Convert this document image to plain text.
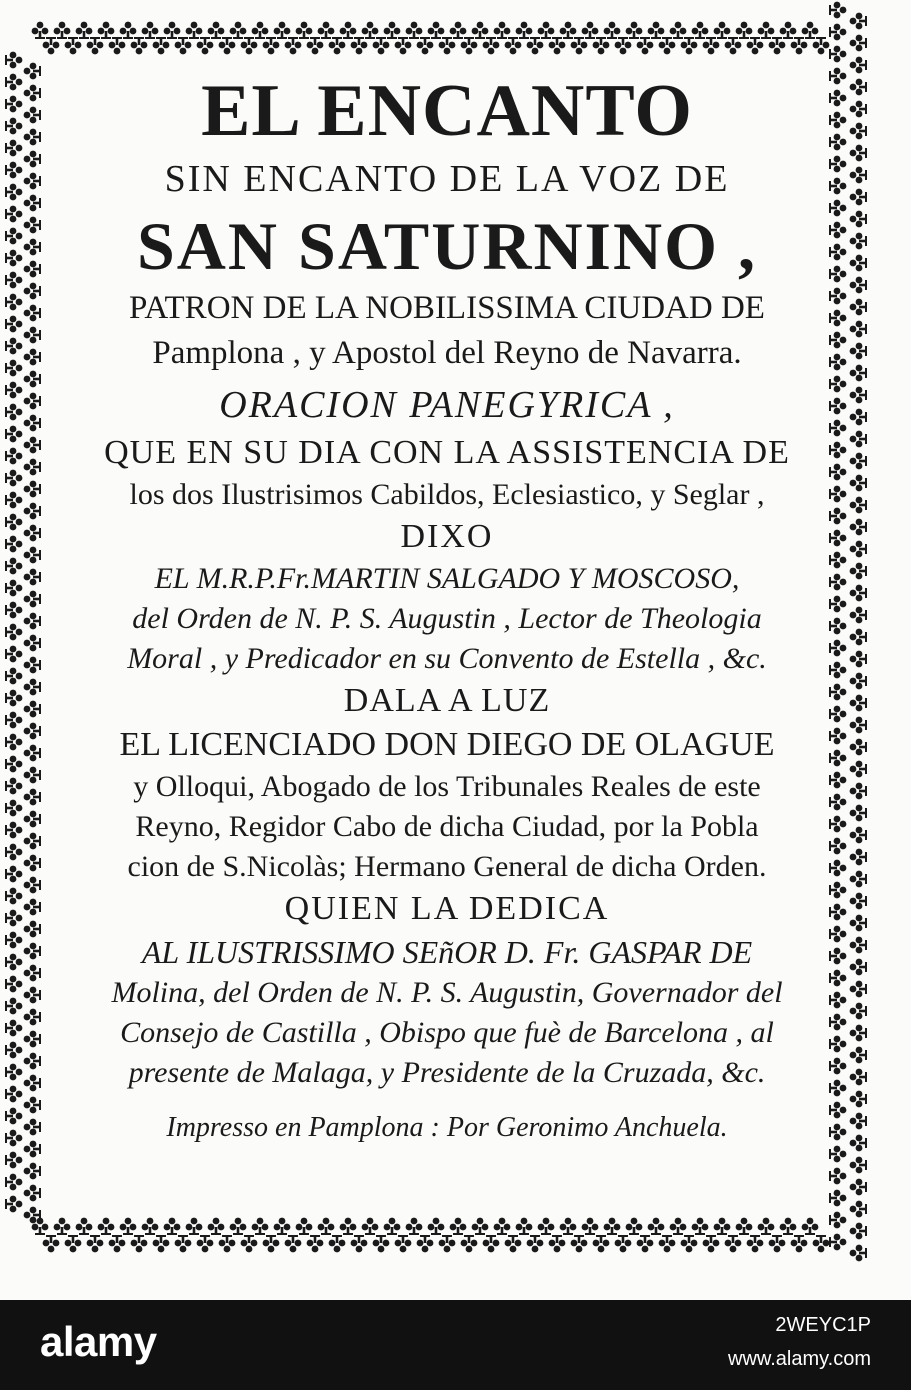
EL ENCANTO
SIN ENCANTO DE LA VOZ DE
SAN SATURNINO ,
PATRON DE LA NOBILISSIMA CIUDAD DE
Pamplona , y Apostol del Reyno de Navarra.
ORACION PANEGYRICA ,
QUE EN SU DIA CON LA ASSISTENCIA DE
los dos Ilustrisimos Cabildos, Eclesiastico, y Seglar ,
DIXO
EL M.R.P.Fr.MARTIN SALGADO Y MOSCOSO,
del Orden de N. P. S. Augustin , Lector de Theologia
Moral , y Predicador en su Convento de Estella , &c.
DALA A LUZ
EL LICENCIADO DON DIEGO DE OLAGUE
y Olloqui, Abogado de los Tribunales Reales de este
Reyno, Regidor Cabo de dicha Ciudad, por la Pobla
cion de S.Nicolàs; Hermano General de dicha Orden.
QUIEN LA DEDICA
AL ILUSTRISSIMO SEñOR D. Fr. GASPAR DE
Molina, del Orden de N. P. S. Augustin, Governador del
Consejo de Castilla , Obispo que fuè de Barcelona , al
presente de Malaga, y Presidente de la Cruzada, &c.
Impresso en Pamplona : Por Geronimo Anchuela.
alamy	2WEYC1P
www.alamy.com
